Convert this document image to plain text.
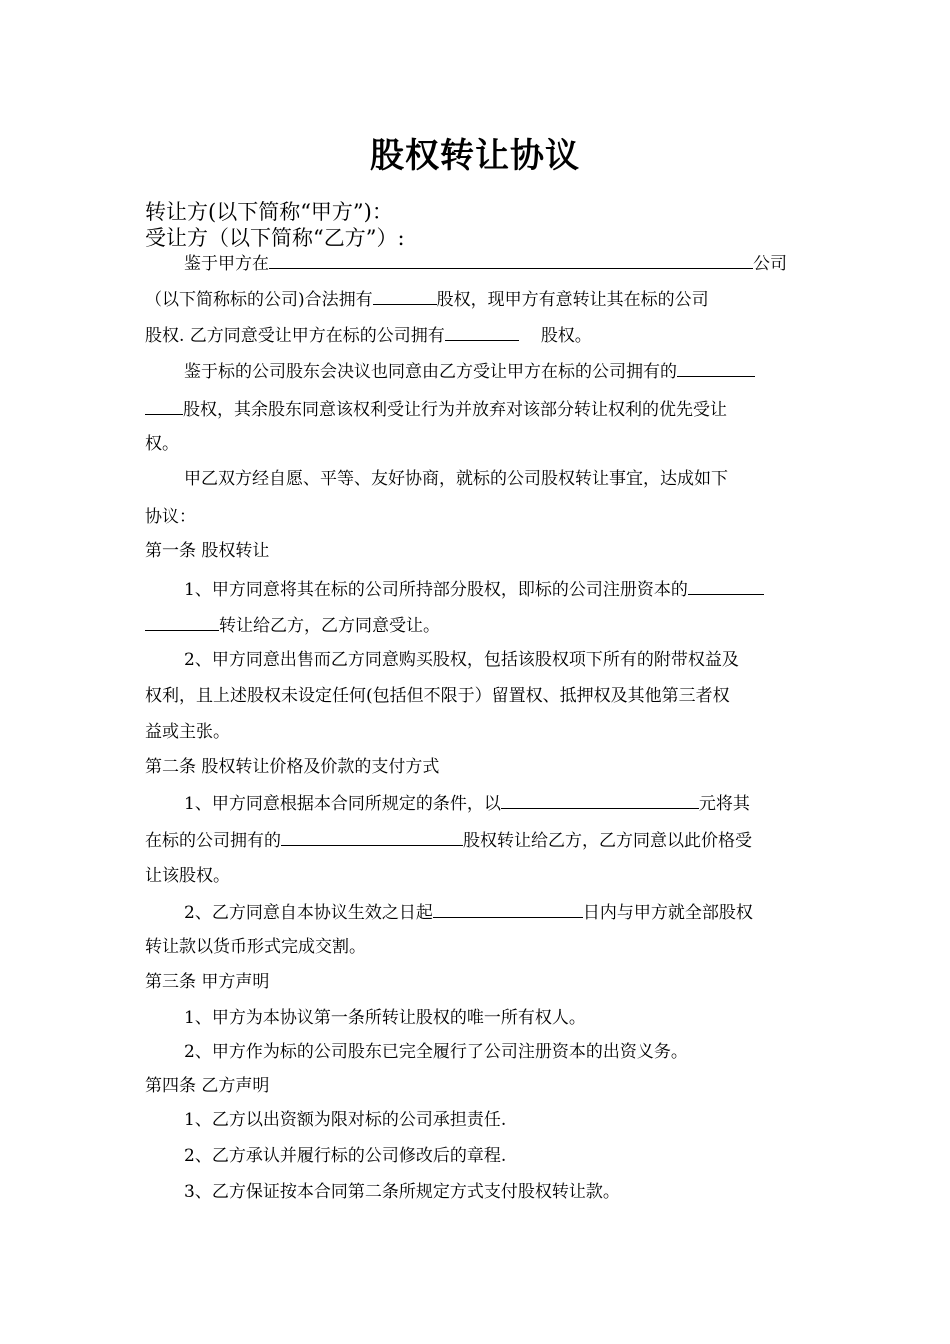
股权转让协议
转让方(以下简称“甲方”)：
受让方（以下简称“乙方”）:
鉴于甲方在	公司
（以下简称标的公司)合法拥有	股权，现甲方有意转让其在标的公司
股权. 乙方同意受让甲方在标的公司拥有	股权。
鉴于标的公司股东会决议也同意由乙方受让甲方在标的公司拥有的
股权，其余股东同意该权利受让行为并放弃对该部分转让权利的优先受让
权。
甲乙双方经自愿、平等、友好协商，就标的公司股权转让事宜，达成如下
协议：
第一条 股权转让
1、甲方同意将其在标的公司所持部分股权，即标的公司注册资本的
转让给乙方，乙方同意受让。
2、甲方同意出售而乙方同意购买股权，包括该股权项下所有的附带权益及
权利，且上述股权未设定任何(包括但不限于）留置权、抵押权及其他第三者权
益或主张。
第二条 股权转让价格及价款的支付方式
1、甲方同意根据本合同所规定的条件，以	元将其
在标的公司拥有的	股权转让给乙方，乙方同意以此价格受
让该股权。
2、乙方同意自本协议生效之日起	日内与甲方就全部股权
转让款以货币形式完成交割。
第三条 甲方声明
1、甲方为本协议第一条所转让股权的唯一所有权人。
2、甲方作为标的公司股东已完全履行了公司注册资本的出资义务。
第四条 乙方声明
1、乙方以出资额为限对标的公司承担责任.
2、乙方承认并履行标的公司修改后的章程.
3、乙方保证按本合同第二条所规定方式支付股权转让款。
